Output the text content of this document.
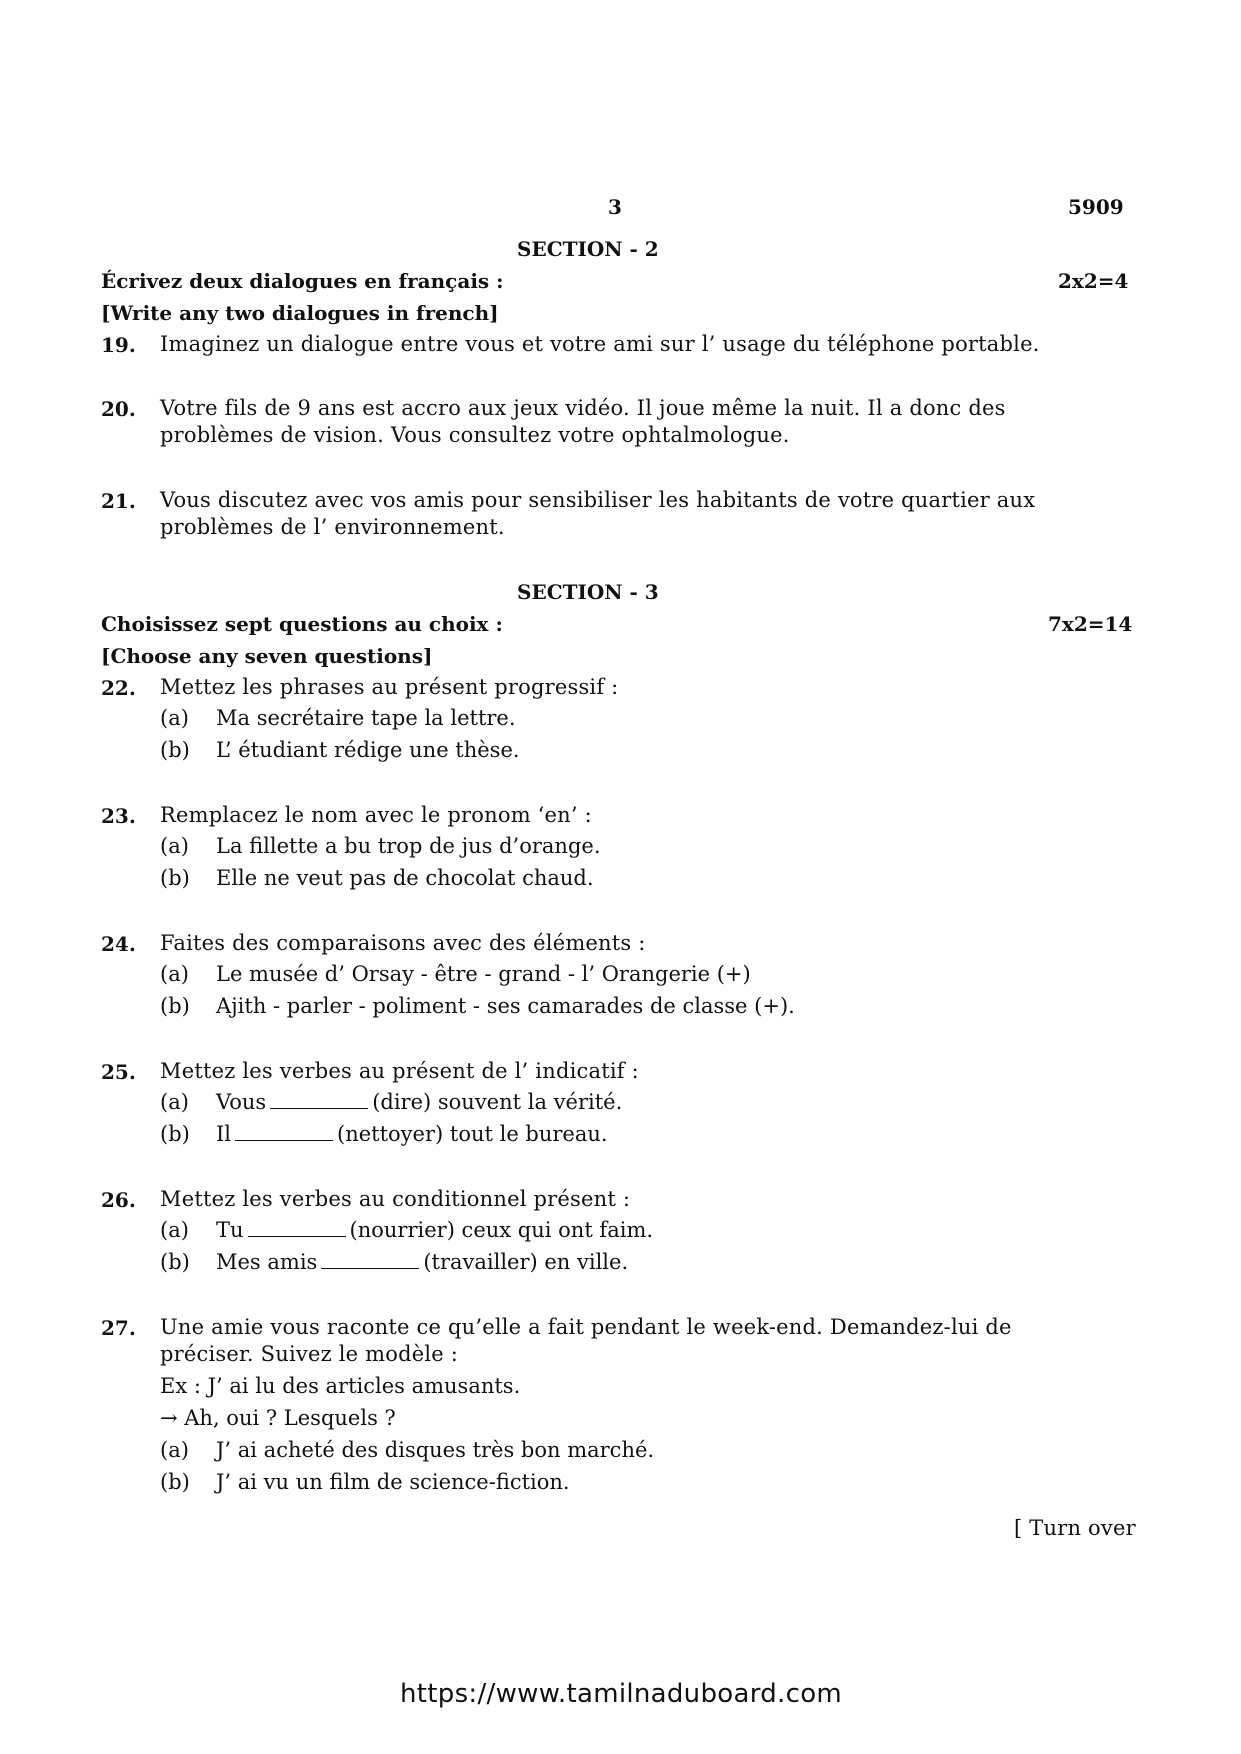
3	5909
SECTION - 2
Écrivez deux dialogues en français :	2x2=4
[Write any two dialogues in french]
19. Imaginez un dialogue entre vous et votre ami sur l’ usage du téléphone portable.
20. Votre fils de 9 ans est accro aux jeux vidéo. Il joue même la nuit. Il a donc des problèmes de vision. Vous consultez votre ophtalmologue.
21. Vous discutez avec vos amis pour sensibiliser les habitants de votre quartier aux problèmes de l’ environnement.
SECTION - 3
Choisissez sept questions au choix :	7x2=14
[Choose any seven questions]
22. Mettez les phrases au présent progressif :
(a) Ma secrétaire tape la lettre.
(b) L’ étudiant rédige une thèse.
23. Remplacez le nom avec le pronom ‘en’ :
(a) La fillette a bu trop de jus d’orange.
(b) Elle ne veut pas de chocolat chaud.
24. Faites des comparaisons avec des éléments :
(a) Le musée d’ Orsay - être - grand - l’ Orangerie (+)
(b) Ajith - parler - poliment - ses camarades de classe (+).
25. Mettez les verbes au présent de l’ indicatif :
(a) Vous	(dire) souvent la vérité.
(b) Il	(nettoyer) tout le bureau.
26. Mettez les verbes au conditionnel présent :
(a) Tu	(nourrier) ceux qui ont faim.
(b) Mes amis	(travailler) en ville.
27. Une amie vous raconte ce qu’elle a fait pendant le week-end. Demandez-lui de préciser. Suivez le modèle :
Ex : J’ ai lu des articles amusants.
→ Ah, oui ? Lesquels ?
(a) J’ ai acheté des disques très bon marché.
(b) J’ ai vu un film de science-fiction.
[ Turn over
https://www.tamilnaduboard.com
